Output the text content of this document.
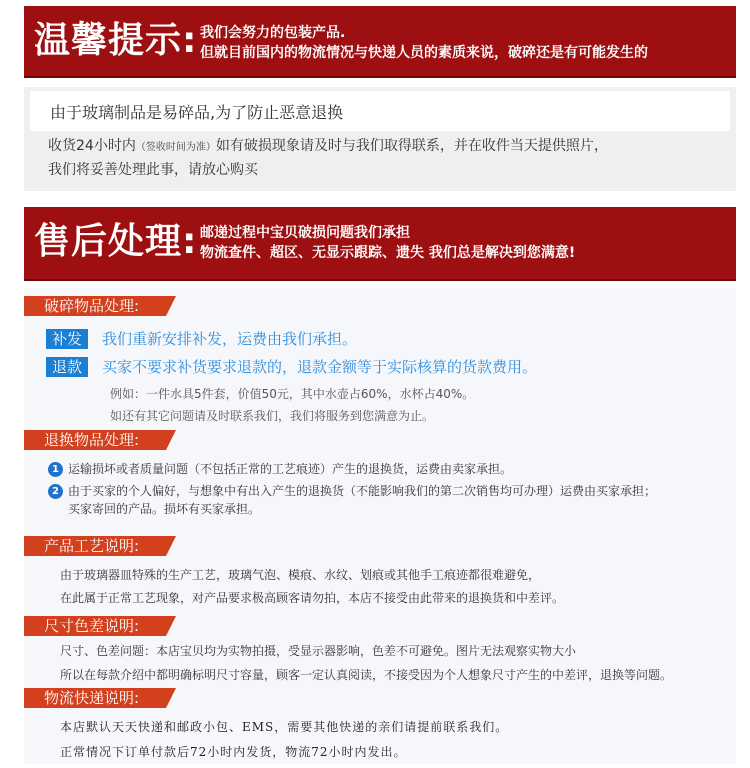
温馨提示: 我们会努力的包装产品.
但就目前国内的物流情况与快递人员的素质来说，破碎还是有可能发生的
由于玻璃制品是易碎品,为了防止恶意退换
收货24小时内（签收时间为准）如有破损现象请及时与我们取得联系，并在收件当天提供照片，
我们将妥善处理此事，请放心购买
售后处理: 邮递过程中宝贝破损问题我们承担
物流查件、超区、无显示跟踪、遗失 我们总是解决到您满意!
破碎物品处理:
补发 我们重新安排补发，运费由我们承担。
退款 买家不要求补货要求退款的，退款金额等于实际核算的货款费用。
例如：一件水具5件套，价值50元，其中水壶占60%，水杯占40%。
如还有其它问题请及时联系我们，我们将服务到您满意为止。
退换物品处理:
1 运输损坏或者质量问题（不包括正常的工艺痕迹）产生的退换货，运费由卖家承担。
2 由于买家的个人偏好，与想象中有出入产生的退换货（不能影响我们的第二次销售均可办理）运费由买家承担；
买家寄回的产品。损坏有买家承担。
产品工艺说明:
由于玻璃器皿特殊的生产工艺，玻璃气泡、模痕、水纹、划痕或其他手工痕迹都很难避免，
在此属于正常工艺现象，对产品要求极高顾客请勿拍，本店不接受由此带来的退换货和中差评。
尺寸色差说明:
尺寸、色差问题：本店宝贝均为实物拍摄，受显示器影响，色差不可避免。图片无法观察实物大小
所以在每款介绍中都明确标明尺寸容量，顾客一定认真阅读，不接受因为个人想象尺寸产生的中差评，退换等问题。
物流快递说明:
本店默认天天快递和邮政小包、EMS，需要其他快递的亲们请提前联系我们。
正常情况下订单付款后72小时内发货，物流72小时内发出。
